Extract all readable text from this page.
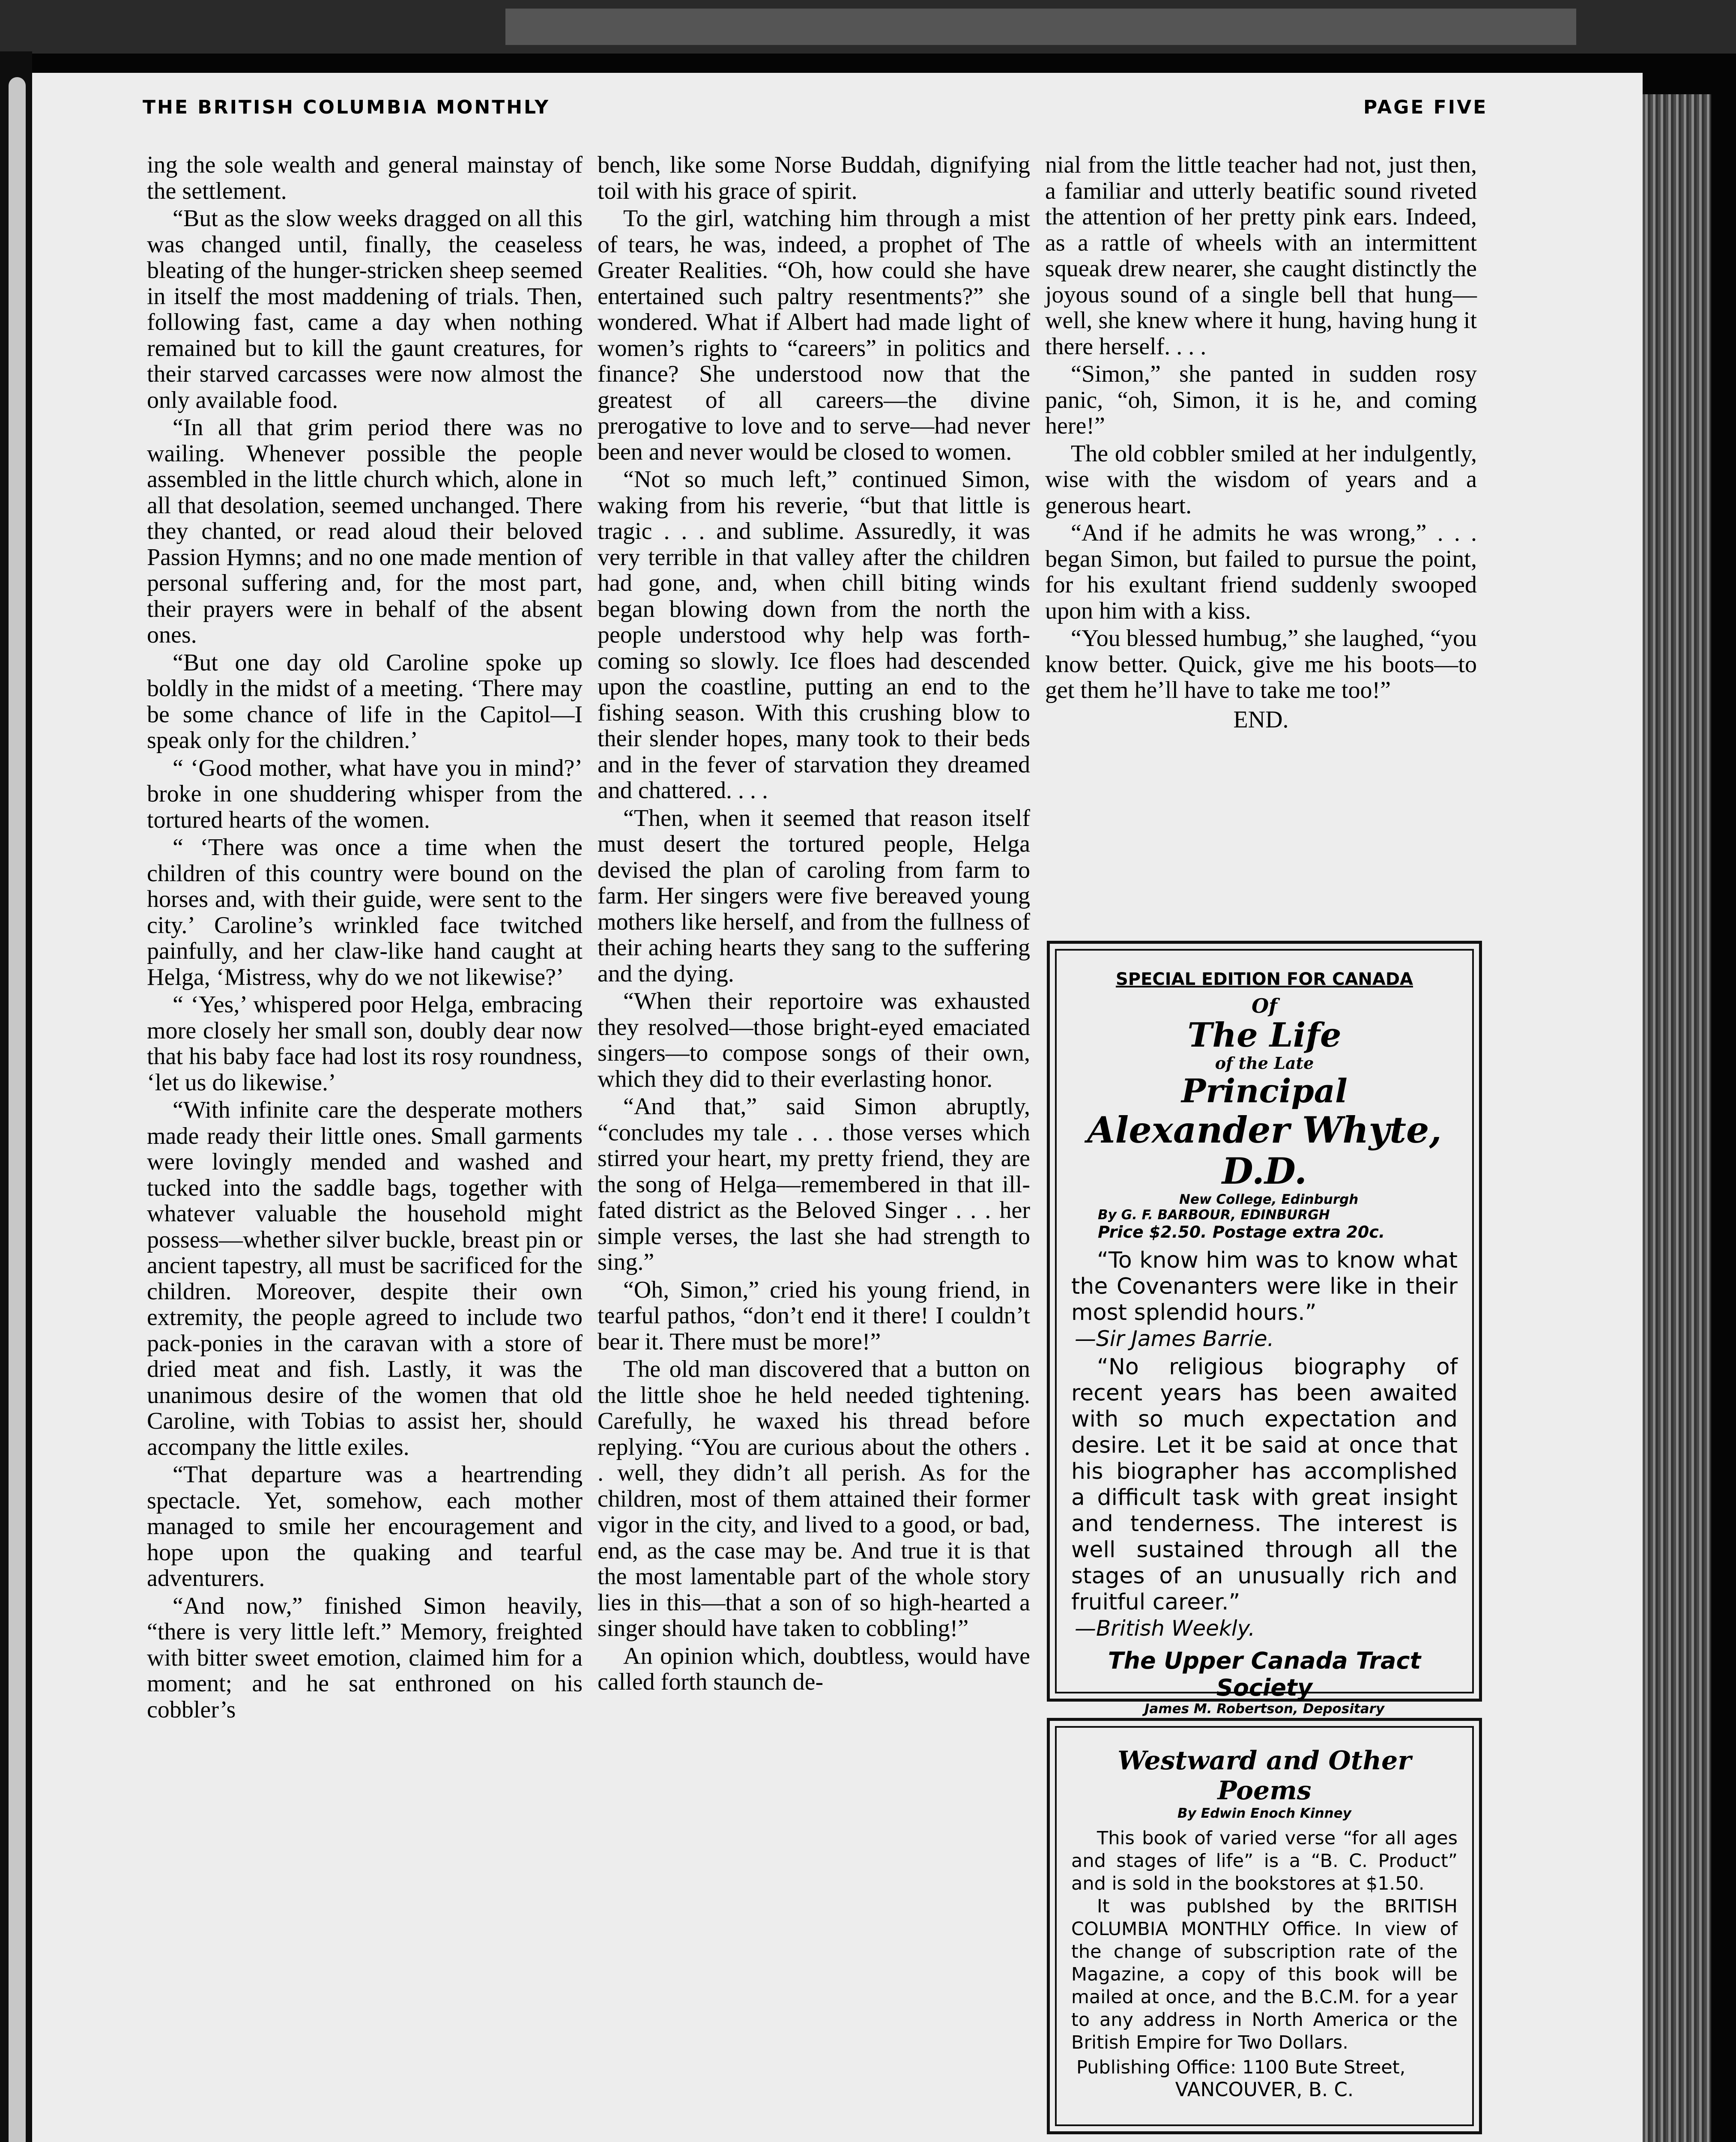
THE BRITISH COLUMBIA MONTHLY	PAGE FIVE

ing the sole wealth and general mainstay of the settlement.

“But as the slow weeks dragged on all this was changed until, finally, the ceaseless bleating of the hunger-stricken sheep seemed in itself the most maddening of trials. Then, following fast, came a day when nothing remained but to kill the gaunt creatures, for their starved carcasses were now almost the only available food.

“In all that grim period there was no wailing. Whenever possible the people assembled in the little church which, alone in all that desolation, seemed unchanged. There they chanted, or read aloud their beloved Passion Hymns; and no one made mention of personal suffering and, for the most part, their prayers were in behalf of the absent ones.

“But one day old Caroline spoke up boldly in the midst of a meeting. ‘There may be some chance of life in the Capitol—I speak only for the children.’

“ ‘Good mother, what have you in mind?’ broke in one shuddering whisper from the tortured hearts of the women.

“ ‘There was once a time when the children of this country were bound on the horses and, with their guide, were sent to the city.’ Caroline’s wrinkled face twitched painfully, and her claw-like hand caught at Helga, ‘Mistress, why do we not likewise?’

“ ‘Yes,’ whispered poor Helga, embracing more closely her small son, doubly dear now that his baby face had lost its rosy roundness, ‘let us do likewise.’

“With infinite care the desperate mothers made ready their little ones. Small garments were lovingly mended and washed and tucked into the saddle bags, together with whatever valuable the household might possess—whether silver buckle, breast pin or ancient tapestry, all must be sacrificed for the children. Moreover, despite their own extremity, the people agreed to include two pack-ponies in the caravan with a store of dried meat and fish. Lastly, it was the unanimous desire of the women that old Caroline, with Tobias to assist her, should accompany the little exiles.

“That departure was a heartrending spectacle. Yet, somehow, each mother managed to smile her encouragement and hope upon the quaking and tearful adventurers.

“And now,” finished Simon heavily, “there is very little left.” Memory, freighted with bitter sweet emotion, claimed him for a moment; and he sat enthroned on his cobbler’s

bench, like some Norse Buddah, dignifying toil with his grace of spirit.

To the girl, watching him through a mist of tears, he was, indeed, a prophet of The Greater Realities. “Oh, how could she have entertained such paltry resentments?” she wondered. What if Albert had made light of women’s rights to “careers” in politics and finance? She understood now that the greatest of all careers—the divine prerogative to love and to serve—had never been and never would be closed to women.

“Not so much left,” continued Simon, waking from his reverie, “but that little is tragic . . . and sublime. Assuredly, it was very terrible in that valley after the children had gone, and, when chill biting winds began blowing down from the north the people understood why help was forth-coming so slowly. Ice floes had descended upon the coastline, putting an end to the fishing season. With this crushing blow to their slender hopes, many took to their beds and in the fever of starvation they dreamed and chattered. . . .

“Then, when it seemed that reason itself must desert the tortured people, Helga devised the plan of caroling from farm to farm. Her singers were five bereaved young mothers like herself, and from the fullness of their aching hearts they sang to the suffering and the dying.

“When their reportoire was exhausted they resolved—those bright-eyed emaciated singers—to compose songs of their own, which they did to their everlasting honor.

“And that,” said Simon abruptly, “concludes my tale . . . those verses which stirred your heart, my pretty friend, they are the song of Helga—remembered in that ill-fated district as the Beloved Singer . . . her simple verses, the last she had strength to sing.”

“Oh, Simon,” cried his young friend, in tearful pathos, “don’t end it there! I couldn’t bear it. There must be more!”

The old man discovered that a button on the little shoe he held needed tightening. Carefully, he waxed his thread before replying. “You are curious about the others . . well, they didn’t all perish. As for the children, most of them attained their former vigor in the city, and lived to a good, or bad, end, as the case may be. And true it is that the most lamentable part of the whole story lies in this—that a son of so high-hearted a singer should have taken to cobbling!”

An opinion which, doubtless, would have called forth staunch de-

nial from the little teacher had not, just then, a familiar and utterly beatific sound riveted the attention of her pretty pink ears. Indeed, as a rattle of wheels with an intermittent squeak drew nearer, she caught distinctly the joyous sound of a single bell that hung—well, she knew where it hung, having hung it there herself. . . .

“Simon,” she panted in sudden rosy panic, “oh, Simon, it is he, and coming here!”

The old cobbler smiled at her indulgently, wise with the wisdom of years and a generous heart.

“And if he admits he was wrong,” . . . began Simon, but failed to pursue the point, for his exultant friend suddenly swooped upon him with a kiss.

“You blessed humbug,” she laughed, “you know better. Quick, give me his boots—to get them he’ll have to take me too!”

END.
SPECIAL EDITION FOR CANADA
Of
The Life
of the Late
Principal
Alexander Whyte, D.D.
New College, Edinburgh
By G. F. BARBOUR, EDINBURGH
Price $2.50. Postage extra 20c.
“To know him was to know what the Covenanters were like in their most splendid hours.”
—Sir James Barrie.
“No religious biography of recent years has been awaited with so much expectation and desire. Let it be said at once that his biographer has accomplished a difficult task with great insight and tenderness. The interest is well sustained through all the stages of an unusually rich and fruitful career.”
—British Weekly.
The Upper Canada Tract Society
James M. Robertson, Depositary
Westward and Other Poems
By Edwin Enoch Kinney

This book of varied verse “for all ages and stages of life” is a “B. C. Product” and is sold in the bookstores at $1.50.

It was publshed by the BRITISH COLUMBIA MONTHLY Office. In view of the change of subscription rate of the Magazine, a copy of this book will be mailed at once, and the B.C.M. for a year to any address in North America or the British Empire for Two Dollars.

Publishing Office: 1100 Bute Street,
VANCOUVER, B. C.
